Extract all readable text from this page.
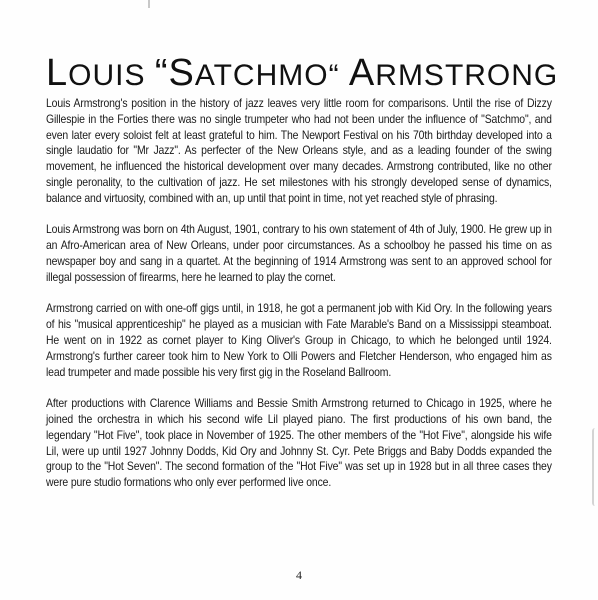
LOUIS “SATCHMO“ ARMSTRONG

Louis Armstrong's position in the history of jazz leaves very little room for comparisons. Until the rise of Dizzy Gillespie in the Forties there was no single trumpeter who had not been under the influence of "Satchmo", and even later every soloist felt at least grateful to him. The Newport Festival on his 70th birthday developed into a single laudatio for "Mr Jazz". As perfecter of the New Orleans style, and as a leading founder of the swing movement, he influenced the historical development over many decades. Armstrong contributed, like no other single peronality, to the cultivation of jazz. He set milestones with his strongly developed sense of dynamics, balance and virtuosity, combined with an, up until that point in time, not yet reached style of phrasing.

Louis Armstrong was born on 4th August, 1901, contrary to his own statement of 4th of July, 1900. He grew up in an Afro-American area of New Orleans, under poor circumstances. As a schoolboy he passed his time on as newspaper boy and sang in a quartet. At the beginning of 1914 Armstrong was sent to an approved school for illegal possession of firearms, here he learned to play the cornet.

Armstrong carried on with one-off gigs until, in 1918, he got a permanent job with Kid Ory. In the following years of his "musical apprenticeship" he played as a musician with Fate Marable's Band on a Mississippi steamboat. He went on in 1922 as cornet player to King Oliver's Group in Chicago, to which he belonged until 1924. Armstrong's further career took him to New York to Olli Powers and Fletcher Henderson, who engaged him as lead trumpeter and made possible his very first gig in the Roseland Ballroom.

After productions with Clarence Williams and Bessie Smith Armstrong returned to Chicago in 1925, where he joined the orchestra in which his second wife Lil played piano. The first productions of his own band, the legendary "Hot Five", took place in November of 1925. The other members of the "Hot Five", alongside his wife Lil, were up until 1927 Johnny Dodds, Kid Ory and Johnny St. Cyr. Pete Briggs and Baby Dodds expanded the group to the "Hot Seven". The second formation of the "Hot Five" was set up in 1928 but in all three cases they were pure studio formations who only ever performed live once.

4
